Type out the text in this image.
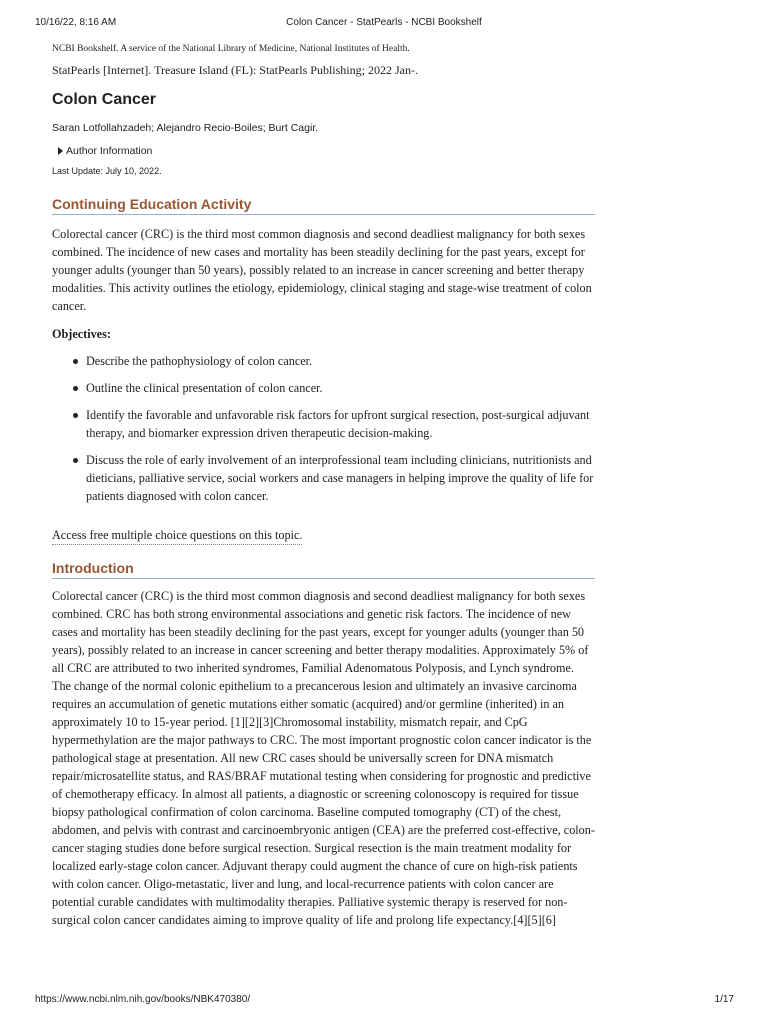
10/16/22, 8:16 AM	Colon Cancer - StatPearls - NCBI Bookshelf
NCBI Bookshelf. A service of the National Library of Medicine, National Institutes of Health.
StatPearls [Internet]. Treasure Island (FL): StatPearls Publishing; 2022 Jan-.
Colon Cancer
Saran Lotfollahzadeh; Alejandro Recio-Boiles; Burt Cagir.
Author Information
Last Update: July 10, 2022.
Continuing Education Activity

Colorectal cancer (CRC) is the third most common diagnosis and second deadliest malignancy for both sexes combined. The incidence of new cases and mortality has been steadily declining for the past years, except for younger adults (younger than 50 years), possibly related to an increase in cancer screening and better therapy modalities. This activity outlines the etiology, epidemiology, clinical staging and stage-wise treatment of colon cancer.

Objectives:
Describe the pathophysiology of colon cancer.
Outline the clinical presentation of colon cancer.
Identify the favorable and unfavorable risk factors for upfront surgical resection, post-surgical adjuvant therapy, and biomarker expression driven therapeutic decision-making.
Discuss the role of early involvement of an interprofessional team including clinicians, nutritionists and dieticians, palliative service, social workers and case managers in helping improve the quality of life for patients diagnosed with colon cancer.
Access free multiple choice questions on this topic.
Introduction

Colorectal cancer (CRC) is the third most common diagnosis and second deadliest malignancy for both sexes combined. CRC has both strong environmental associations and genetic risk factors. The incidence of new cases and mortality has been steadily declining for the past years, except for younger adults (younger than 50 years), possibly related to an increase in cancer screening and better therapy modalities. Approximately 5% of all CRC are attributed to two inherited syndromes, Familial Adenomatous Polyposis, and Lynch syndrome. The change of the normal colonic epithelium to a precancerous lesion and ultimately an invasive carcinoma requires an accumulation of genetic mutations either somatic (acquired) and/or germline (inherited) in an approximately 10 to 15-year period. [1][2][3]Chromosomal instability, mismatch repair, and CpG hypermethylation are the major pathways to CRC. The most important prognostic colon cancer indicator is the pathological stage at presentation. All new CRC cases should be universally screen for DNA mismatch repair/microsatellite status, and RAS/BRAF mutational testing when considering for prognostic and predictive of chemotherapy efficacy. In almost all patients, a diagnostic or screening colonoscopy is required for tissue biopsy pathological confirmation of colon carcinoma. Baseline computed tomography (CT) of the chest, abdomen, and pelvis with contrast and carcinoembryonic antigen (CEA) are the preferred cost-effective, colon-cancer staging studies done before surgical resection. Surgical resection is the main treatment modality for localized early-stage colon cancer. Adjuvant therapy could augment the chance of cure on high-risk patients with colon cancer. Oligo-metastatic, liver and lung, and local-recurrence patients with colon cancer are potential curable candidates with multimodality therapies. Palliative systemic therapy is reserved for non-surgical colon cancer candidates aiming to improve quality of life and prolong life expectancy.[4][5][6]

https://www.ncbi.nlm.nih.gov/books/NBK470380/	1/17
